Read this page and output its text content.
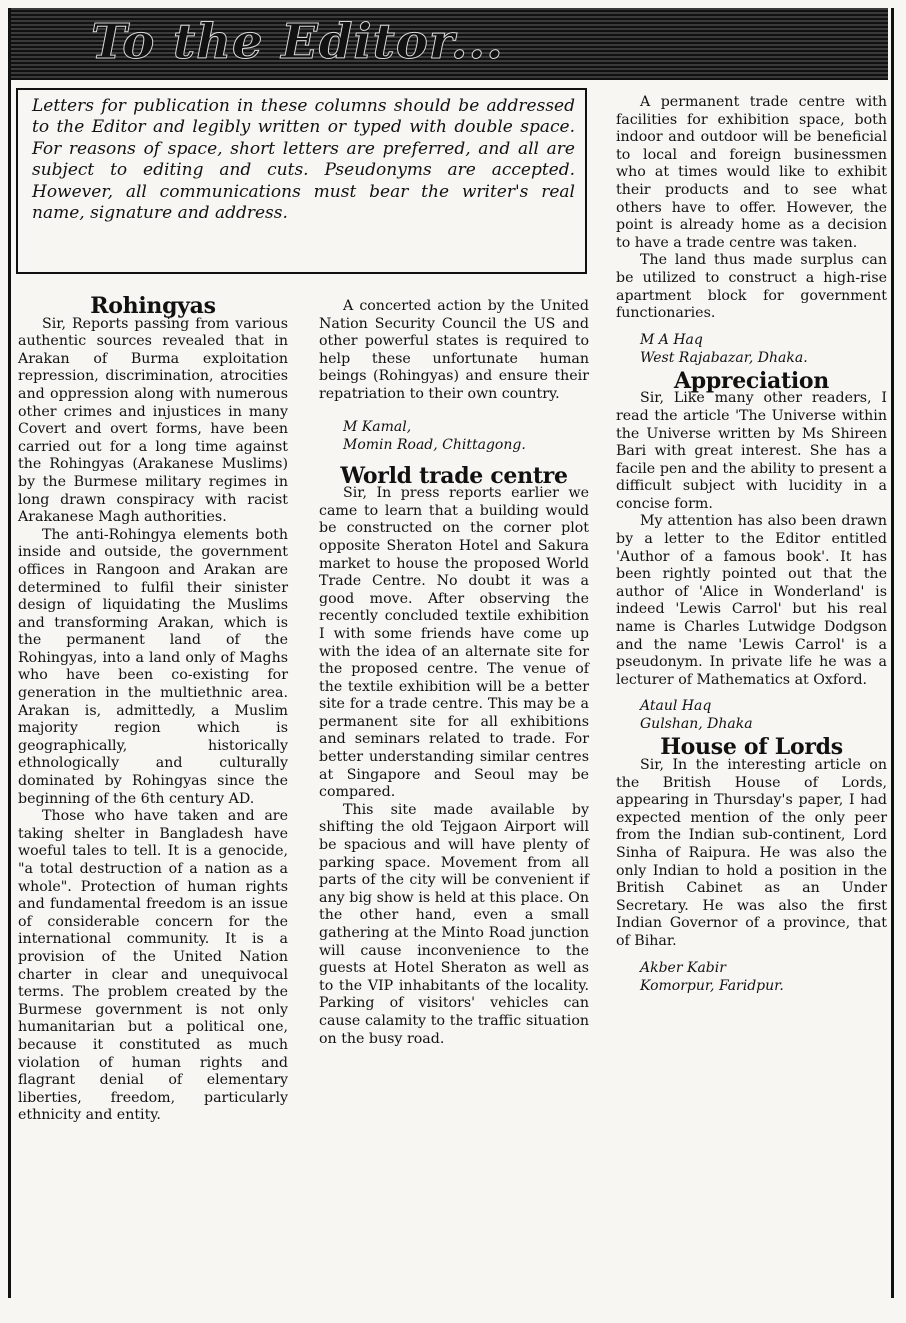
To the Editor...
Letters for publication in these columns should be addressed to the Editor and legibly written or typed with double space. For reasons of space, short letters are preferred, and all are subject to editing and cuts. Pseudonyms are accepted. However, all communications must bear the writer's real name, signature and address.
Rohingyas

Sir, Reports passing from various authentic sources revealed that in Arakan of Burma exploitation repression, discrimination, atrocities and oppression along with numerous other crimes and injustices in many Covert and overt forms, have been carried out for a long time against the Rohingyas (Arakanese Muslims) by the Burmese military regimes in long drawn conspiracy with racist Arakanese Magh authorities.

The anti-Rohingya elements both inside and outside, the government offices in Rangoon and Arakan are determined to fulfil their sinister design of liquidating the Muslims and transforming Arakan, which is the permanent land of the Rohingyas, into a land only of Maghs who have been co-existing for generation in the multiethnic area. Arakan is, admittedly, a Muslim majority region which is geographically, historically ethnologically and culturally dominated by Rohingyas since the beginning of the 6th century AD.

Those who have taken and are taking shelter in Bangladesh have woeful tales to tell. It is a genocide, "a total destruction of a nation as a whole". Protection of human rights and fundamental freedom is an issue of considerable concern for the international community. It is a provision of the United Nation charter in clear and unequivocal terms. The problem created by the Burmese government is not only humanitarian but a political one, because it constituted as much violation of human rights and flagrant denial of elementary liberties, freedom, particularly ethnicity and entity.

A concerted action by the United Nation Security Council the US and other powerful states is required to help these unfortunate human beings (Rohingyas) and ensure their repatriation to their own country.

M Kamal,

Momin Road, Chittagong.

World trade centre

Sir, In press reports earlier we came to learn that a building would be constructed on the corner plot opposite Sheraton Hotel and Sakura market to house the proposed World Trade Centre. No doubt it was a good move. After observing the recently concluded textile exhibition I with some friends have come up with the idea of an alternate site for the proposed centre. The venue of the textile exhibition will be a better site for a trade centre. This may be a permanent site for all exhibitions and seminars related to trade. For better understanding similar centres at Singapore and Seoul may be compared.

This site made available by shifting the old Tejgaon Airport will be spacious and will have plenty of parking space. Movement from all parts of the city will be convenient if any big show is held at this place. On the other hand, even a small gathering at the Minto Road junction will cause inconvenience to the guests at Hotel Sheraton as well as to the VIP inhabitants of the locality. Parking of visitors' vehicles can cause calamity to the traffic situation on the busy road.

A permanent trade centre with facilities for exhibition space, both indoor and outdoor will be beneficial to local and foreign businessmen who at times would like to exhibit their products and to see what others have to offer. However, the point is already home as a decision to have a trade centre was taken.

The land thus made surplus can be utilized to construct a high-rise apartment block for government functionaries.

M A Haq

West Rajabazar, Dhaka.

Appreciation

Sir, Like many other readers, I read the article 'The Universe within the Universe written by Ms Shireen Bari with great interest. She has a facile pen and the ability to present a difficult subject with lucidity in a concise form.

My attention has also been drawn by a letter to the Editor entitled 'Author of a famous book'. It has been rightly pointed out that the author of 'Alice in Wonderland' is indeed 'Lewis Carrol' but his real name is Charles Lutwidge Dodgson and the name 'Lewis Carrol' is a pseudonym. In private life he was a lecturer of Mathematics at Oxford.

Ataul Haq

Gulshan, Dhaka

House of Lords

Sir, In the interesting article on the British House of Lords, appearing in Thursday's paper, I had expected mention of the only peer from the Indian sub-continent, Lord Sinha of Raipura. He was also the only Indian to hold a position in the British Cabinet as an Under Secretary. He was also the first Indian Governor of a province, that of Bihar.

Akber Kabir

Komorpur, Faridpur.
